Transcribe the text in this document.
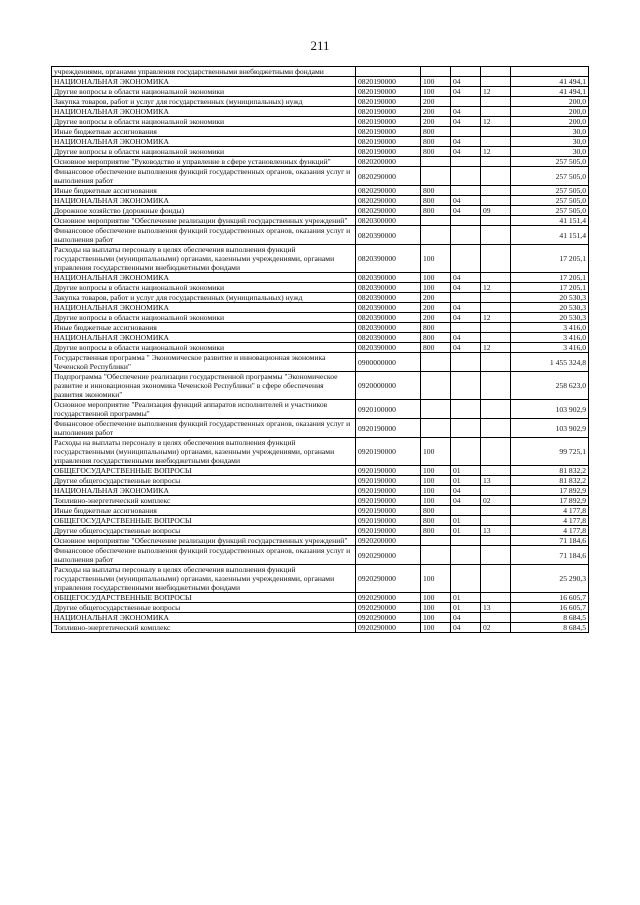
211
учреждениями, органами управления государственными внебюджетными фондами					
НАЦИОНАЛЬНАЯ ЭКОНОМИКА	0820190000	100	04		41 494,1
Другие вопросы в области национальной экономики	0820190000	100	04	12	41 494,1
Закупка товаров, работ и услуг для государственных (муниципальных) нужд	0820190000	200			200,0
НАЦИОНАЛЬНАЯ ЭКОНОМИКА	0820190000	200	04		200,0
Другие вопросы в области национальной экономики	0820190000	200	04	12	200,0
Иные бюджетные ассигнования	0820190000	800			30,0
НАЦИОНАЛЬНАЯ ЭКОНОМИКА	0820190000	800	04		30,0
Другие вопросы в области национальной экономики	0820190000	800	04	12	30,0
Основное мероприятие "Руководство и управление в сфере установленных функций"	0820200000				257 505,0
Финансовое обеспечение выполнения функций государственных органов, оказания услуг и выполнения работ	0820290000				257 505,0
Иные бюджетные ассигнования	0820290000	800			257 505,0
НАЦИОНАЛЬНАЯ ЭКОНОМИКА	0820290000	800	04		257 505,0
Дорожное хозяйство (дорожные фонды)	0820290000	800	04	09	257 505,0
Основное мероприятие "Обеспечение реализации функций государственных учреждений"	0820300000				41 151,4
Финансовое обеспечение выполнения функций государственных органов, оказания услуг и выполнения работ	0820390000				41 151,4
Расходы на выплаты персоналу в целях обеспечения выполнения функций государственными (муниципальными) органами, казенными учреждениями, органами управления государственными внебюджетными фондами	0820390000	100			17 205,1
НАЦИОНАЛЬНАЯ ЭКОНОМИКА	0820390000	100	04		17 205,1
Другие вопросы в области национальной экономики	0820390000	100	04	12	17 205,1
Закупка товаров, работ и услуг для государственных (муниципальных) нужд	0820390000	200			20 530,3
НАЦИОНАЛЬНАЯ ЭКОНОМИКА	0820390000	200	04		20 530,3
Другие вопросы в области национальной экономики	0820390000	200	04	12	20 530,3
Иные бюджетные ассигнования	0820390000	800			3 416,0
НАЦИОНАЛЬНАЯ ЭКОНОМИКА	0820390000	800	04		3 416,0
Другие вопросы в области национальной экономики	0820390000	800	04	12	3 416,0
Государственная программа " Экономическое развитие и инновационная экономика Чеченской Республики"	0900000000				1 455 324,8
Подпрограмма "Обеспечение реализации государственной программы "Экономическое развитие и инновационная экономика Чеченской Республики" в сфере обеспечения развития экономики"	0920000000				258 623,0
Основное мероприятие "Реализация функций аппаратов исполнителей и участников государственной программы"	0920100000				103 902,9
Финансовое обеспечение выполнения функций государственных органов, оказания услуг и выполнения работ	0920190000				103 902,9
Расходы на выплаты персоналу в целях обеспечения выполнения функций государственными (муниципальными) органами, казенными учреждениями, органами управления государственными внебюджетными фондами	0920190000	100			99 725,1
ОБЩЕГОСУДАРСТВЕННЫЕ ВОПРОСЫ	0920190000	100	01		81 832,2
Другие общегосударственные вопросы	0920190000	100	01	13	81 832,2
НАЦИОНАЛЬНАЯ ЭКОНОМИКА	0920190000	100	04		17 892,9
Топливно-энергетический комплекс	0920190000	100	04	02	17 892,9
Иные бюджетные ассигнования	0920190000	800			4 177,8
ОБЩЕГОСУДАРСТВЕННЫЕ ВОПРОСЫ	0920190000	800	01		4 177,8
Другие общегосударственные вопросы	0920190000	800	01	13	4 177,8
Основное мероприятие "Обеспечение реализации функций государственных учреждений"	0920200000				71 184,6
Финансовое обеспечение выполнения функций государственных органов, оказания услуг и выполнения работ	0920290000				71 184,6
Расходы на выплаты персоналу в целях обеспечения выполнения функций государственными (муниципальными) органами, казенными учреждениями, органами управления государственными внебюджетными фондами	0920290000	100			25 290,3
ОБЩЕГОСУДАРСТВЕННЫЕ ВОПРОСЫ	0920290000	100	01		16 605,7
Другие общегосударственные вопросы	0920290000	100	01	13	16 605,7
НАЦИОНАЛЬНАЯ ЭКОНОМИКА	0920290000	100	04		8 684,5
Топливно-энергетический комплекс	0920290000	100	04	02	8 684,5
